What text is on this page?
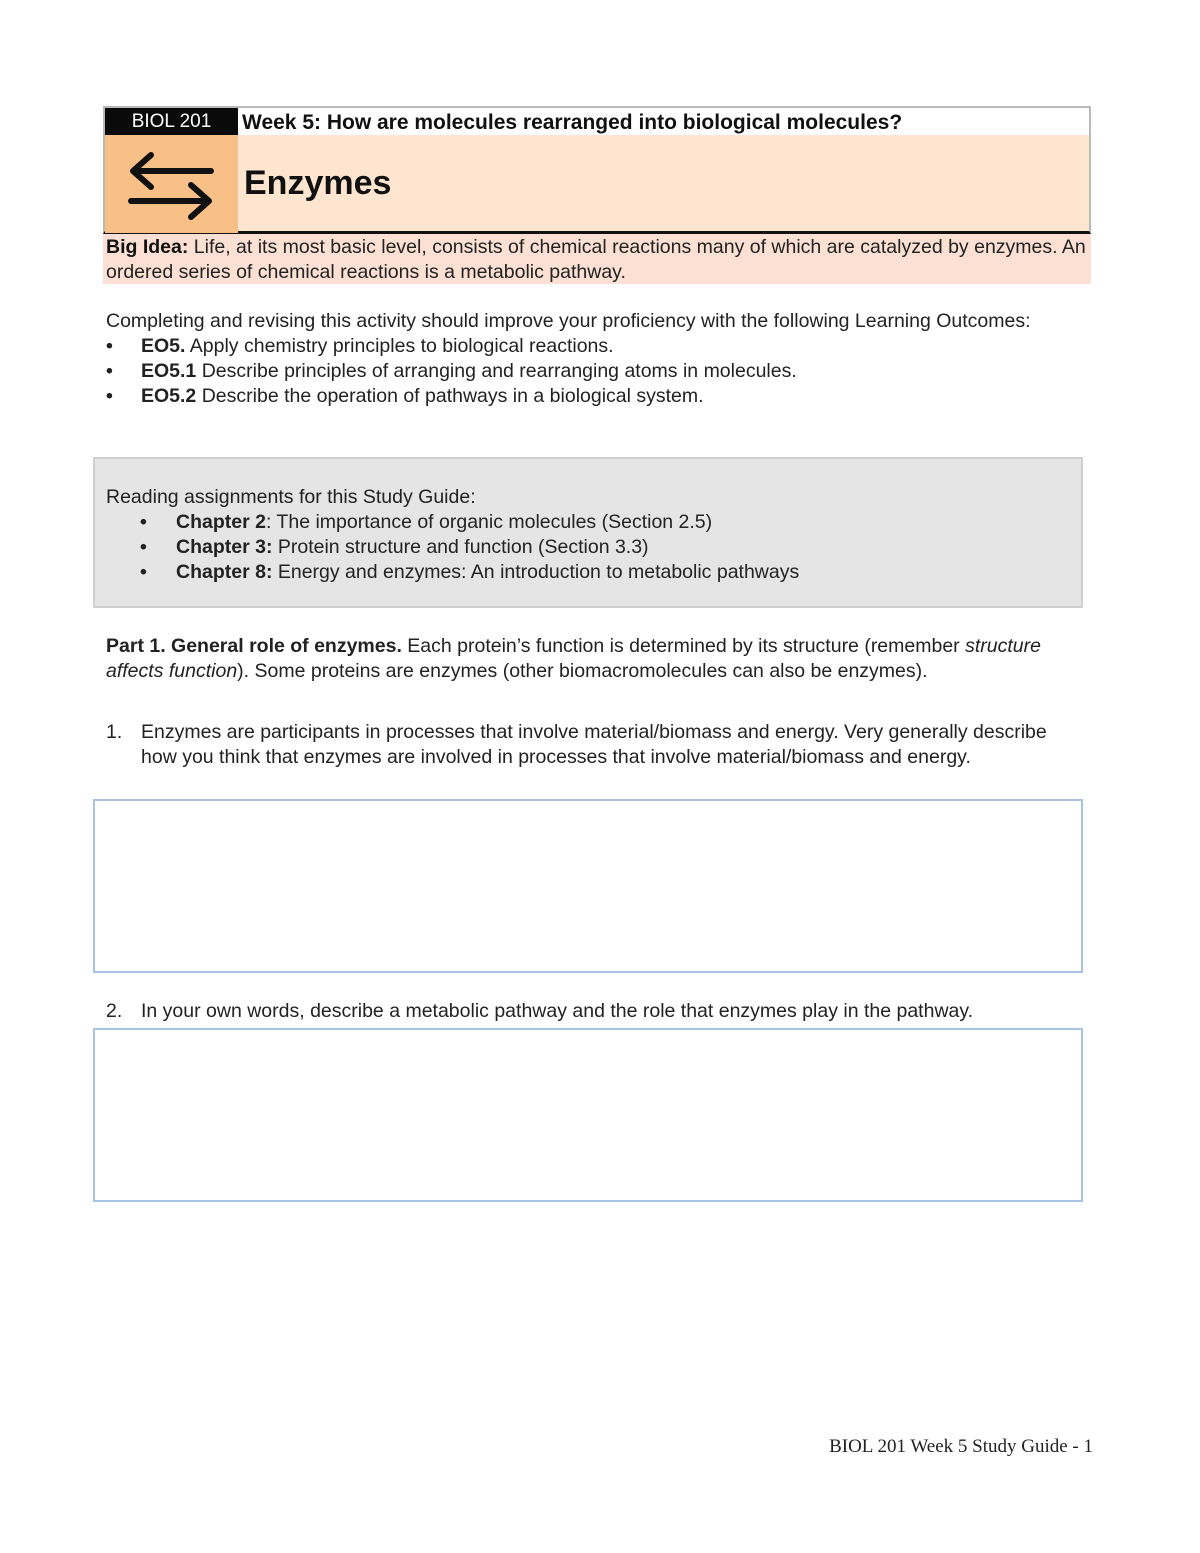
BIOL 201	Week 5: How are molecules rearranged into biological molecules?
Enzymes
Big Idea: Life, at its most basic level, consists of chemical reactions many of which are catalyzed by enzymes. An ordered series of chemical reactions is a metabolic pathway.
Completing and revising this activity should improve your proficiency with the following Learning Outcomes:
• EO5. Apply chemistry principles to biological reactions.
• EO5.1 Describe principles of arranging and rearranging atoms in molecules.
• EO5.2 Describe the operation of pathways in a biological system.
Reading assignments for this Study Guide:
• Chapter 2: The importance of organic molecules (Section 2.5)
• Chapter 3: Protein structure and function (Section 3.3)
• Chapter 8: Energy and enzymes: An introduction to metabolic pathways
Part 1. General role of enzymes. Each protein’s function is determined by its structure (remember structure affects function). Some proteins are enzymes (other biomacromolecules can also be enzymes).
1. Enzymes are participants in processes that involve material/biomass and energy. Very generally describe how you think that enzymes are involved in processes that involve material/biomass and energy.
2. In your own words, describe a metabolic pathway and the role that enzymes play in the pathway.
BIOL 201 Week 5 Study Guide - 1
